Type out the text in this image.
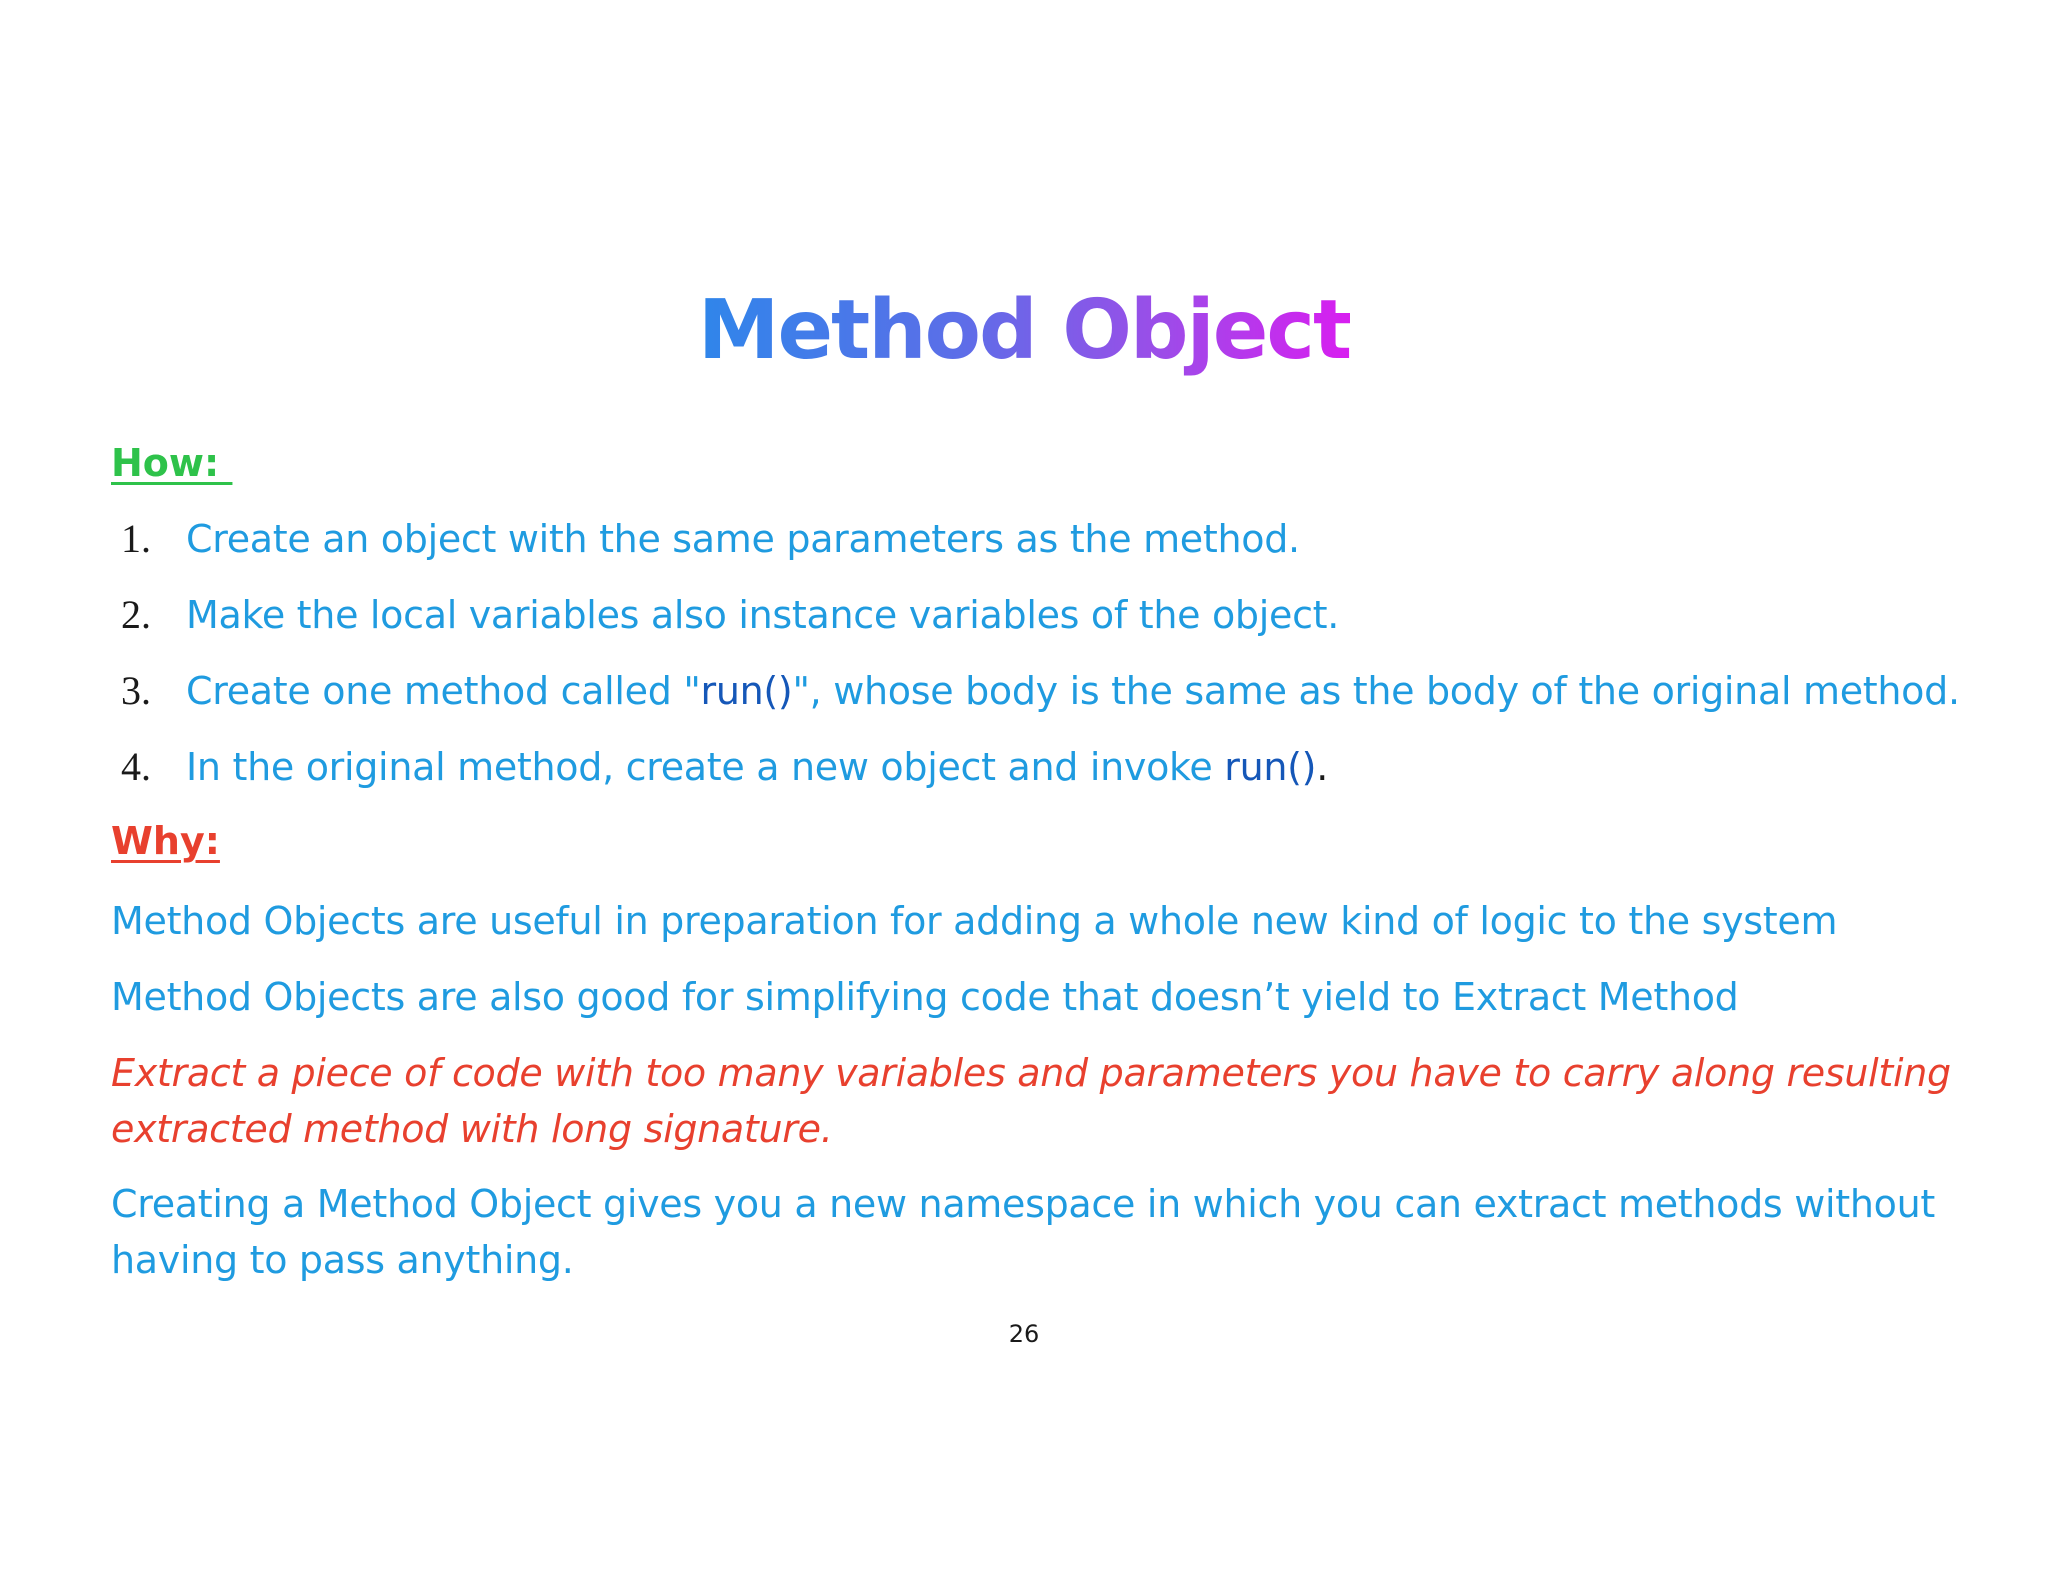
Method Object
How:
1. Create an object with the same parameters as the method.
2. Make the local variables also instance variables of the object.
3. Create one method called "run()", whose body is the same as the body of the original method.
4. In the original method, create a new object and invoke run().
Why:
Method Objects are useful in preparation for adding a whole new kind of logic to the system
Method Objects are also good for simplifying code that doesn’t yield to Extract Method
Extract a piece of code with too many variables and parameters you have to carry along resulting extracted method with long signature.
Creating a Method Object gives you a new namespace in which you can extract methods without having to pass anything.
26
